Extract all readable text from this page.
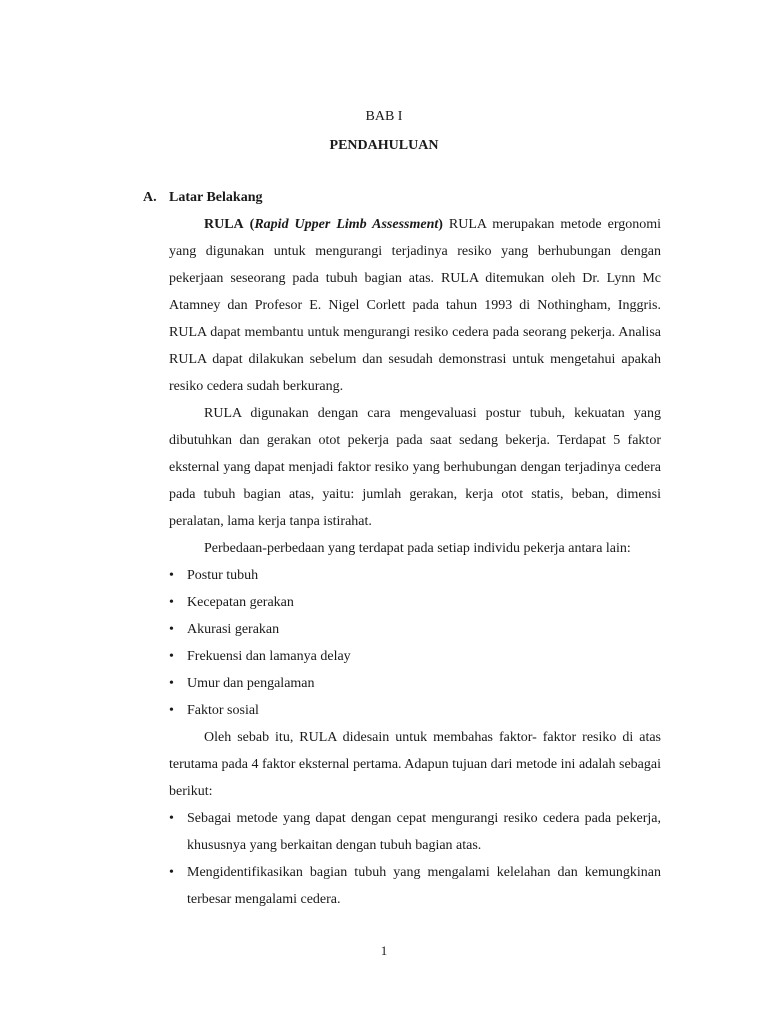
BAB I
PENDAHULUAN
A. Latar Belakang

RULA (Rapid Upper Limb Assessment) RULA merupakan metode ergonomi yang digunakan untuk mengurangi terjadinya resiko yang berhubungan dengan pekerjaan seseorang pada tubuh bagian atas. RULA ditemukan oleh Dr. Lynn Mc Atamney dan Profesor E. Nigel Corlett pada tahun 1993 di Nothingham, Inggris. RULA dapat membantu untuk mengurangi resiko cedera pada seorang pekerja. Analisa RULA dapat dilakukan sebelum dan sesudah demonstrasi untuk mengetahui apakah resiko cedera sudah berkurang.

RULA digunakan dengan cara mengevaluasi postur tubuh, kekuatan yang dibutuhkan dan gerakan otot pekerja pada saat sedang bekerja. Terdapat 5 faktor eksternal yang dapat menjadi faktor resiko yang berhubungan dengan terjadinya cedera pada tubuh bagian atas, yaitu: jumlah gerakan, kerja otot statis, beban, dimensi peralatan, lama kerja tanpa istirahat.

Perbedaan-perbedaan yang terdapat pada setiap individu pekerja antara lain:

• Postur tubuh
• Kecepatan gerakan
• Akurasi gerakan
• Frekuensi dan lamanya delay
• Umur dan pengalaman
• Faktor sosial

Oleh sebab itu, RULA didesain untuk membahas faktor- faktor resiko di atas terutama pada 4 faktor eksternal pertama. Adapun tujuan dari metode ini adalah sebagai berikut:

• Sebagai metode yang dapat dengan cepat mengurangi resiko cedera pada pekerja, khususnya yang berkaitan dengan tubuh bagian atas.
• Mengidentifikasikan bagian tubuh yang mengalami kelelahan dan kemungkinan terbesar mengalami cedera.
1
